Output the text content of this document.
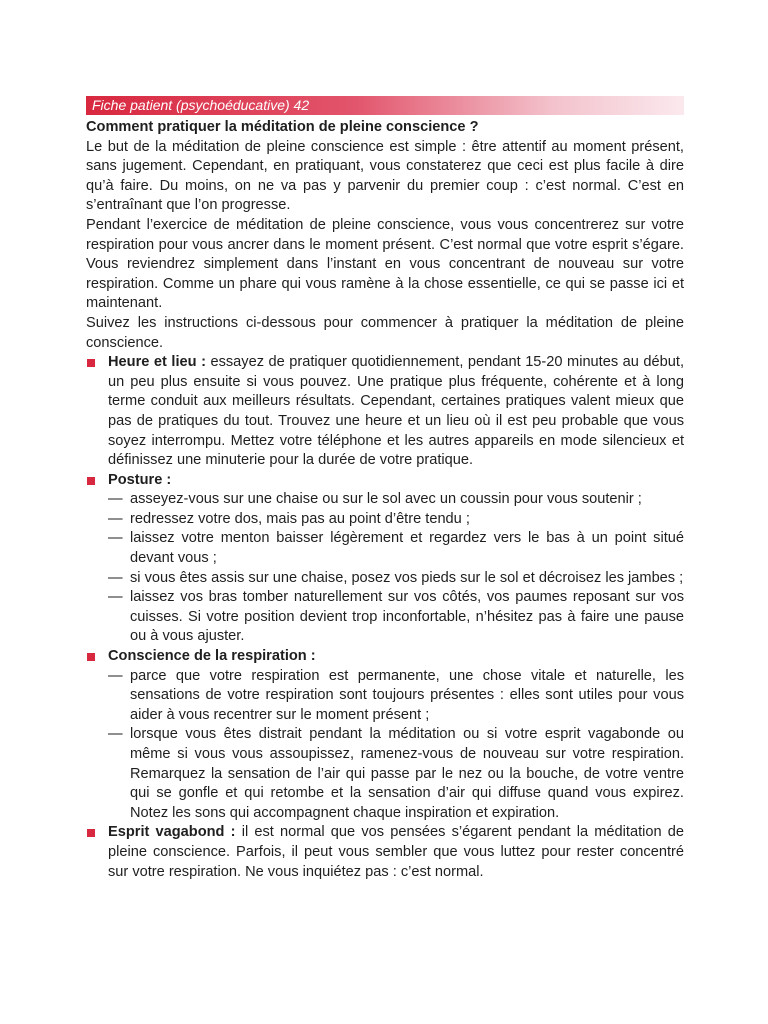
Fiche patient (psychoéducative) 42

Comment pratiquer la méditation de pleine conscience ?

Le but de la méditation de pleine conscience est simple : être attentif au moment présent, sans jugement. Cependant, en pratiquant, vous constaterez que ceci est plus facile à dire qu’à faire. Du moins, on ne va pas y parvenir du premier coup : c’est normal. C’est en s’entraînant que l’on progresse.

Pendant l’exercice de méditation de pleine conscience, vous vous concentrerez sur votre respiration pour vous ancrer dans le moment présent. C’est normal que votre esprit s’égare. Vous reviendrez simplement dans l’instant en vous concentrant de nouveau sur votre respiration. Comme un phare qui vous ramène à la chose essentielle, ce qui se passe ici et maintenant.

Suivez les instructions ci-dessous pour commencer à pratiquer la méditation de pleine conscience.

Heure et lieu : essayez de pratiquer quotidiennement, pendant 15-20 minutes au début, un peu plus ensuite si vous pouvez. Une pratique plus fréquente, cohérente et à long terme conduit aux meilleurs résultats. Cependant, certaines pratiques valent mieux que pas de pratiques du tout. Trouvez une heure et un lieu où il est peu probable que vous soyez interrompu. Mettez votre téléphone et les autres appareils en mode silencieux et définissez une minuterie pour la durée de votre pratique.
Posture :
— asseyez-vous sur une chaise ou sur le sol avec un coussin pour vous soutenir ;
— redressez votre dos, mais pas au point d’être tendu ;
— laissez votre menton baisser légèrement et regardez vers le bas à un point situé devant vous ;
— si vous êtes assis sur une chaise, posez vos pieds sur le sol et décroisez les jambes ;
— laissez vos bras tomber naturellement sur vos côtés, vos paumes reposant sur vos cuisses. Si votre position devient trop inconfortable, n’hésitez pas à faire une pause ou à vous ajuster.
Conscience de la respiration :
— parce que votre respiration est permanente, une chose vitale et naturelle, les sensations de votre respiration sont toujours présentes : elles sont utiles pour vous aider à vous recentrer sur le moment présent ;
— lorsque vous êtes distrait pendant la méditation ou si votre esprit vagabonde ou même si vous vous assoupissez, ramenez-vous de nouveau sur votre respiration. Remarquez la sensation de l’air qui passe par le nez ou la bouche, de votre ventre qui se gonfle et qui retombe et la sensation d’air qui diffuse quand vous expirez. Notez les sons qui accompagnent chaque inspiration et expiration.
Esprit vagabond : il est normal que vos pensées s’égarent pendant la méditation de pleine conscience. Parfois, il peut vous sembler que vous luttez pour rester concentré sur votre respiration. Ne vous inquiétez pas : c’est normal.
